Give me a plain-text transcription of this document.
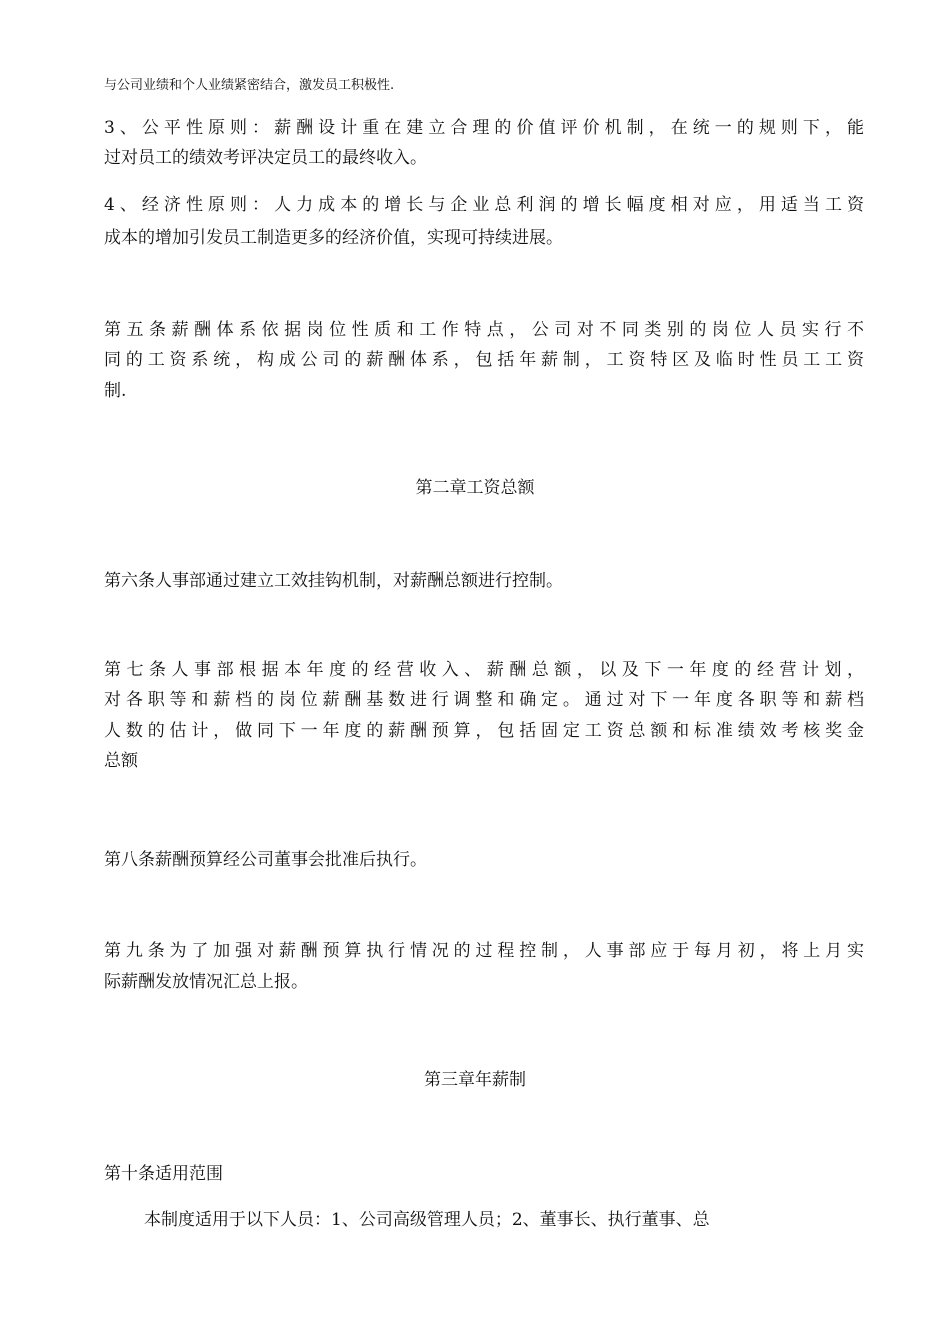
与公司业绩和个人业绩紧密结合，激发员工积极性.
3、公平性原则：薪酬设计重在建立合理的价值评价机制，在统一的规则下，能
过对员工的绩效考评决定员工的最终收入。
4、经济性原则：人力成本的增长与企业总利润的增长幅度相对应，用适当工资
成本的增加引发员工制造更多的经济价值，实现可持续进展。
第五条薪酬体系依据岗位性质和工作特点，公司对不同类别的岗位人员实行不
同的工资系统，构成公司的薪酬体系，包括年薪制，工资特区及临时性员工工资
制.
第二章工资总额
第六条人事部通过建立工效挂钩机制，对薪酬总额进行控制。
第七条人事部根据本年度的经营收入、薪酬总额，以及下一年度的经营计划，
对各职等和薪档的岗位薪酬基数进行调整和确定。通过对下一年度各职等和薪档
人数的估计，做同下一年度的薪酬预算，包括固定工资总额和标准绩效考核奖金
总额
第八条薪酬预算经公司董事会批准后执行。
第九条为了加强对薪酬预算执行情况的过程控制，人事部应于每月初，将上月实
际薪酬发放情况汇总上报。
第三章年薪制
第十条适用范围
本制度适用于以下人员：1、公司高级管理人员；2、董事长、执行董事、总
